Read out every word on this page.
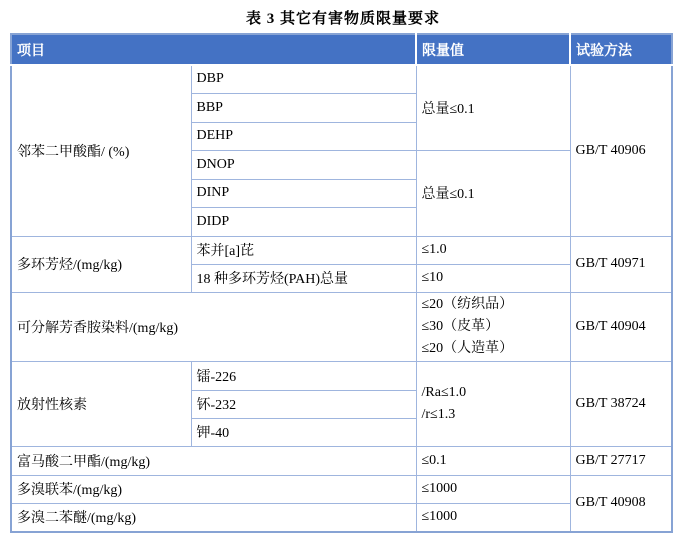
表 3 其它有害物质限量要求
项目		限量值	试验方法
邻苯二甲酸酯/ (%)	DBP	总量≤0.1	GB/T 40906
	BBP		
	DEHP		
	DNOP	总量≤0.1	
	DINP		
	DIDP		
多环芳烃/(mg/kg)	苯并[a]芘	≤1.0	GB/T 40971
	18 种多环芳烃(PAH)总量	≤10	
可分解芳香胺染料/(mg/kg)		≤20（纺织品）
≤30（皮革）
≤20（人造革）	GB/T 40904
放射性核素	镭-226	/Ra≤1.0
/r≤1.3	GB/T 38724
	钚-232		
	钾-40		
富马酸二甲酯/(mg/kg)		≤0.1	GB/T 27717
多溴联苯/(mg/kg)		≤1000	GB/T 40908
多溴二苯醚/(mg/kg)		≤1000	
